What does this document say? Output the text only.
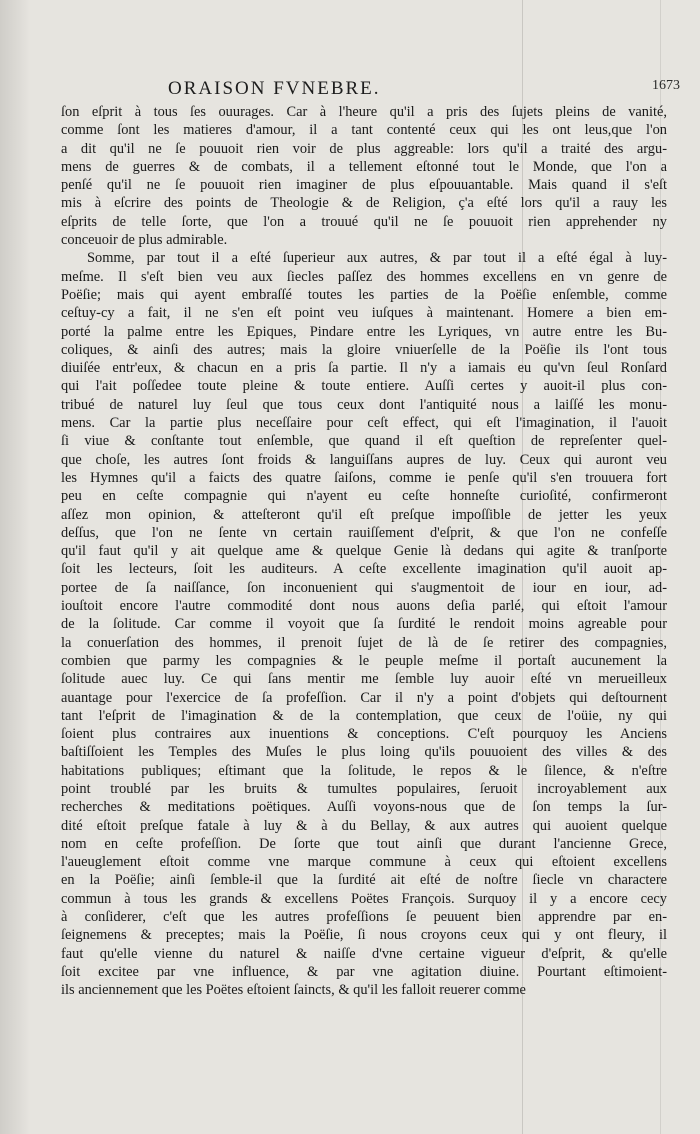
ORAISON FVNEBRE.	1673
ſon eſprit à tous ſes ouurages. Car à l'heure qu'il a pris des ſujets pleins de vanité,
comme ſont les matieres d'amour, il a tant contenté ceux qui les ont leus,que l'on
a dit qu'il ne ſe pouuoit rien voir de plus aggreable: lors qu'il a traité des argu-
mens de guerres & de combats, il a tellement eſtonné tout le Monde, que l'on a
penſé qu'il ne ſe pouuoit rien imaginer de plus eſpouuantable. Mais quand il s'eſt
mis à eſcrire des points de Theologie & de Religion, ç'a eſté lors qu'il a rauy les
eſprits de telle ſorte, que l'on a trouué qu'il ne ſe pouuoit rien apprehender ny
conceuoir de plus admirable.
Somme, par tout il a eſté ſuperieur aux autres, & par tout il a eſté égal à luy-
meſme. Il s'eſt bien veu aux ſiecles paſſez des hommes excellens en vn genre de
Poëſie; mais qui ayent embraſſé toutes les parties de la Poëſie enſemble, comme
ceſtuy-cy a fait, il ne s'en eſt point veu iuſques à maintenant. Homere a bien em-
porté la palme entre les Epiques, Pindare entre les Lyriques, vn autre entre les Bu-
coliques, & ainſi des autres; mais la gloire vniuerſelle de la Poëſie ils l'ont tous
diuiſée entr'eux, & chacun en a pris ſa partie. Il n'y a iamais eu qu'vn ſeul Ronſard
qui l'ait poſſedee toute pleine & toute entiere. Auſſi certes y auoit-il plus con-
tribué de naturel luy ſeul que tous ceux dont l'antiquité nous a laiſſé les monu-
mens. Car la partie plus neceſſaire pour ceſt effect, qui eſt l'imagination, il l'auoit
ſi viue & conſtante tout enſemble, que quand il eſt queſtion de repreſenter quel-
que choſe, les autres ſont froids & languiſſans aupres de luy. Ceux qui auront veu
les Hymnes qu'il a faicts des quatre ſaiſons, comme ie penſe qu'il s'en trouuera fort
peu en ceſte compagnie qui n'ayent eu ceſte honneſte curioſité, confirmeront
aſſez mon opinion, & atteſteront qu'il eſt preſque impoſſible de jetter les yeux
deſſus, que l'on ne ſente vn certain rauiſſement d'eſprit, & que l'on ne confeſſe
qu'il faut qu'il y ait quelque ame & quelque Genie là dedans qui agite & tranſporte
ſoit les lecteurs, ſoit les auditeurs. A ceſte excellente imagination qu'il auoit ap-
portee de ſa naiſſance, ſon inconuenient qui s'augmentoit de iour en iour, ad-
iouſtoit encore l'autre commodité dont nous auons deſia parlé, qui eſtoit l'amour
de la ſolitude. Car comme il voyoit que ſa ſurdité le rendoit moins agreable pour
la conuerſation des hommes, il prenoit ſujet de là de ſe retirer des compagnies,
combien que parmy les compagnies & le peuple meſme il portaſt aucunement la
ſolitude auec luy. Ce qui ſans mentir me ſemble luy auoir eſté vn merueilleux
auantage pour l'exercice de ſa profeſſion. Car il n'y a point d'objets qui deſtournent
tant l'eſprit de l'imagination & de la contemplation, que ceux de l'oüie, ny qui
ſoient plus contraires aux inuentions & conceptions. C'eſt pourquoy les Anciens
baſtiſſoient les Temples des Muſes le plus loing qu'ils pouuoient des villes & des
habitations publiques; eſtimant que la ſolitude, le repos & le ſilence, & n'eſtre
point troublé par les bruits & tumultes populaires, ſeruoit incroyablement aux
recherches & meditations poëtiques. Auſſi voyons-nous que de ſon temps la ſur-
dité eſtoit preſque fatale à luy & à du Bellay, & aux autres qui auoient quelque
nom en ceſte profeſſion. De ſorte que tout ainſi que durant l'ancienne Grece,
l'aueuglement eſtoit comme vne marque commune à ceux qui eſtoient excellens
en la Poëſie; ainſi ſemble-il que la ſurdité ait eſté de noſtre ſiecle vn charactere
commun à tous les grands & excellens Poëtes François. Surquoy il y a encore cecy
à conſiderer, c'eſt que les autres profeſſions ſe peuuent bien apprendre par en-
ſeignemens & preceptes; mais la Poëſie, ſi nous croyons ceux qui y ont fleury, il
faut qu'elle vienne du naturel & naiſſe d'vne certaine vigueur d'eſprit, & qu'elle
ſoit excitee par vne influence, & par vne agitation diuine. Pourtant eſtimoient-
ils anciennement que les Poëtes eſtoient ſaincts, & qu'il les falloit reuerer comme
